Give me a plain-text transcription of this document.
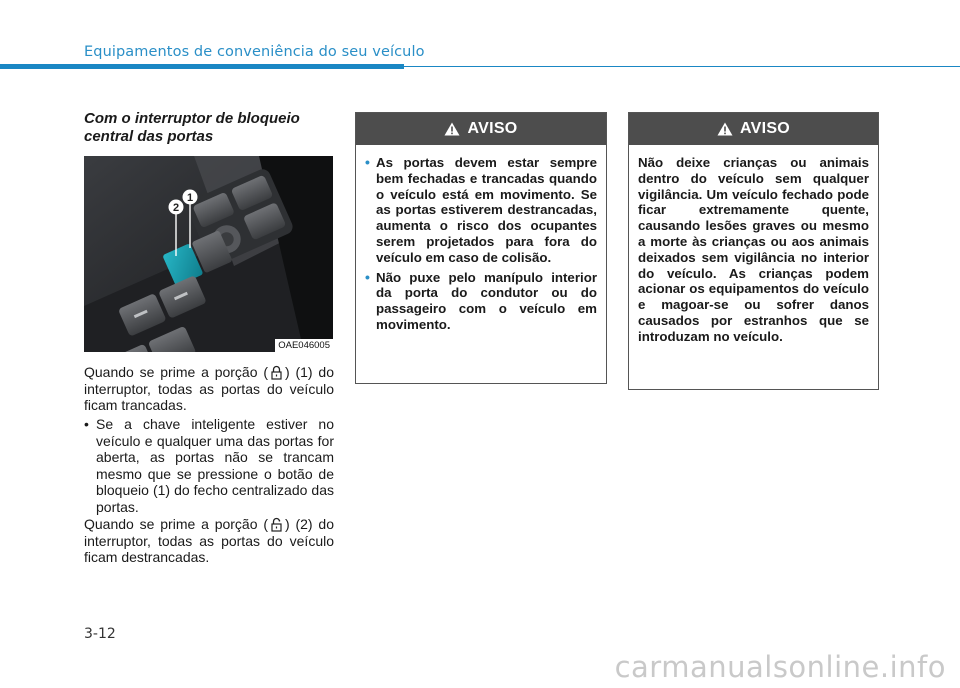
Equipamentos de conveniência do seu veículo
Com o interruptor de bloqueio central das portas
2
1
OAE046005
Quando se prime a porção ( ) (1) do interruptor, todas as portas do veículo ficam trancadas.
• Se a chave inteligente estiver no veículo e qualquer uma das portas for aberta, as portas não se trancam mesmo que se pressione o botão de bloqueio (1) do fecho centralizado das portas.
Quando se prime a porção ( ) (2) do interruptor, todas as portas do veículo ficam destrancadas.
AVISO
• As portas devem estar sempre bem fechadas e trancadas quando o veículo está em movimento. Se as portas estiverem destrancadas, aumenta o risco dos ocupantes serem projetados para fora do veículo em caso de colisão.
• Não puxe pelo manípulo interior da porta do condutor ou do passageiro com o veículo em movimento.
AVISO
Não deixe crianças ou animais dentro do veículo sem qualquer vigilância. Um veículo fechado pode ficar extremamente quente, causando lesões graves ou mesmo a morte às crianças ou aos animais deixados sem vigilância no interior do veículo. As crianças podem acionar os equipamentos do veículo e magoar-se ou sofrer danos causados por estranhos que se introduzam no veículo.
3-12
carmanualsonline.info
